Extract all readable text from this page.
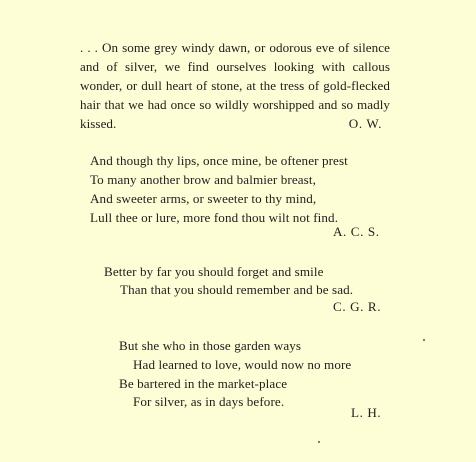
. . . On some grey windy dawn, or odorous eve of silence and of silver, we find ourselves looking with callous wonder, or dull heart of stone, at the tress of gold-flecked hair that we had once so wildly worshipped and so madly kissed.	O. W.
And though thy lips, once mine, be oftener prest
To many another brow and balmier breast,
And sweeter arms, or sweeter to thy mind,
Lull thee or lure, more fond thou wilt not find.
A. C. S.
Better by far you should forget and smile
Than that you should remember and be sad.
C. G. R.
But she who in those garden ways
Had learned to love, would now no more
Be bartered in the market-place
For silver, as in days before.
L. H.
